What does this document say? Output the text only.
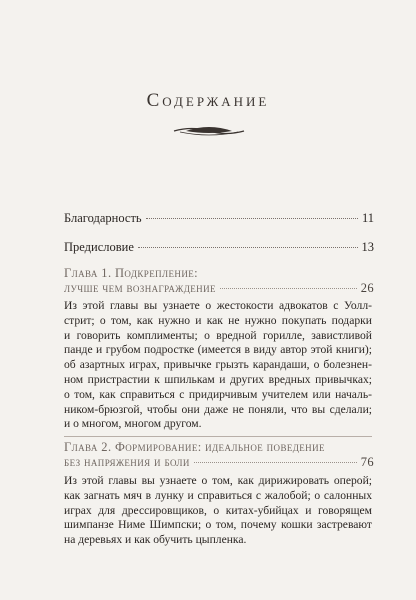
Содержание
Благодарность	11
Предисловие	13
Глава 1. Подкрепление:
лучше чем вознаграждение	26
Из этой главы вы узнаете о жестокости адвокатов с Уолл-
стрит; о том, как нужно и как не нужно покупать подарки
и говорить комплименты; о вредной горилле, завистливой
панде и грубом подростке (имеется в виду автор этой книги);
об азартных играх, привычке грызть карандаши, о болезнен-
ном пристрастии к шпилькам и других вредных привычках;
о том, как справиться с придирчивым учителем или началь-
ником-брюзгой, чтобы они даже не поняли, что вы сделали;
и о многом, многом другом.
Глава 2. Формирование: идеальное поведение
без напряжения и боли	76
Из этой главы вы узнаете о том, как дирижировать оперой;
как загнать мяч в лунку и справиться с жалобой; о салонных
играх для дрессировщиков, о китах-убийцах и говорящем
шимпанзе Ниме Шимпски; о том, почему кошки застревают
на деревьях и как обучить цыпленка.
